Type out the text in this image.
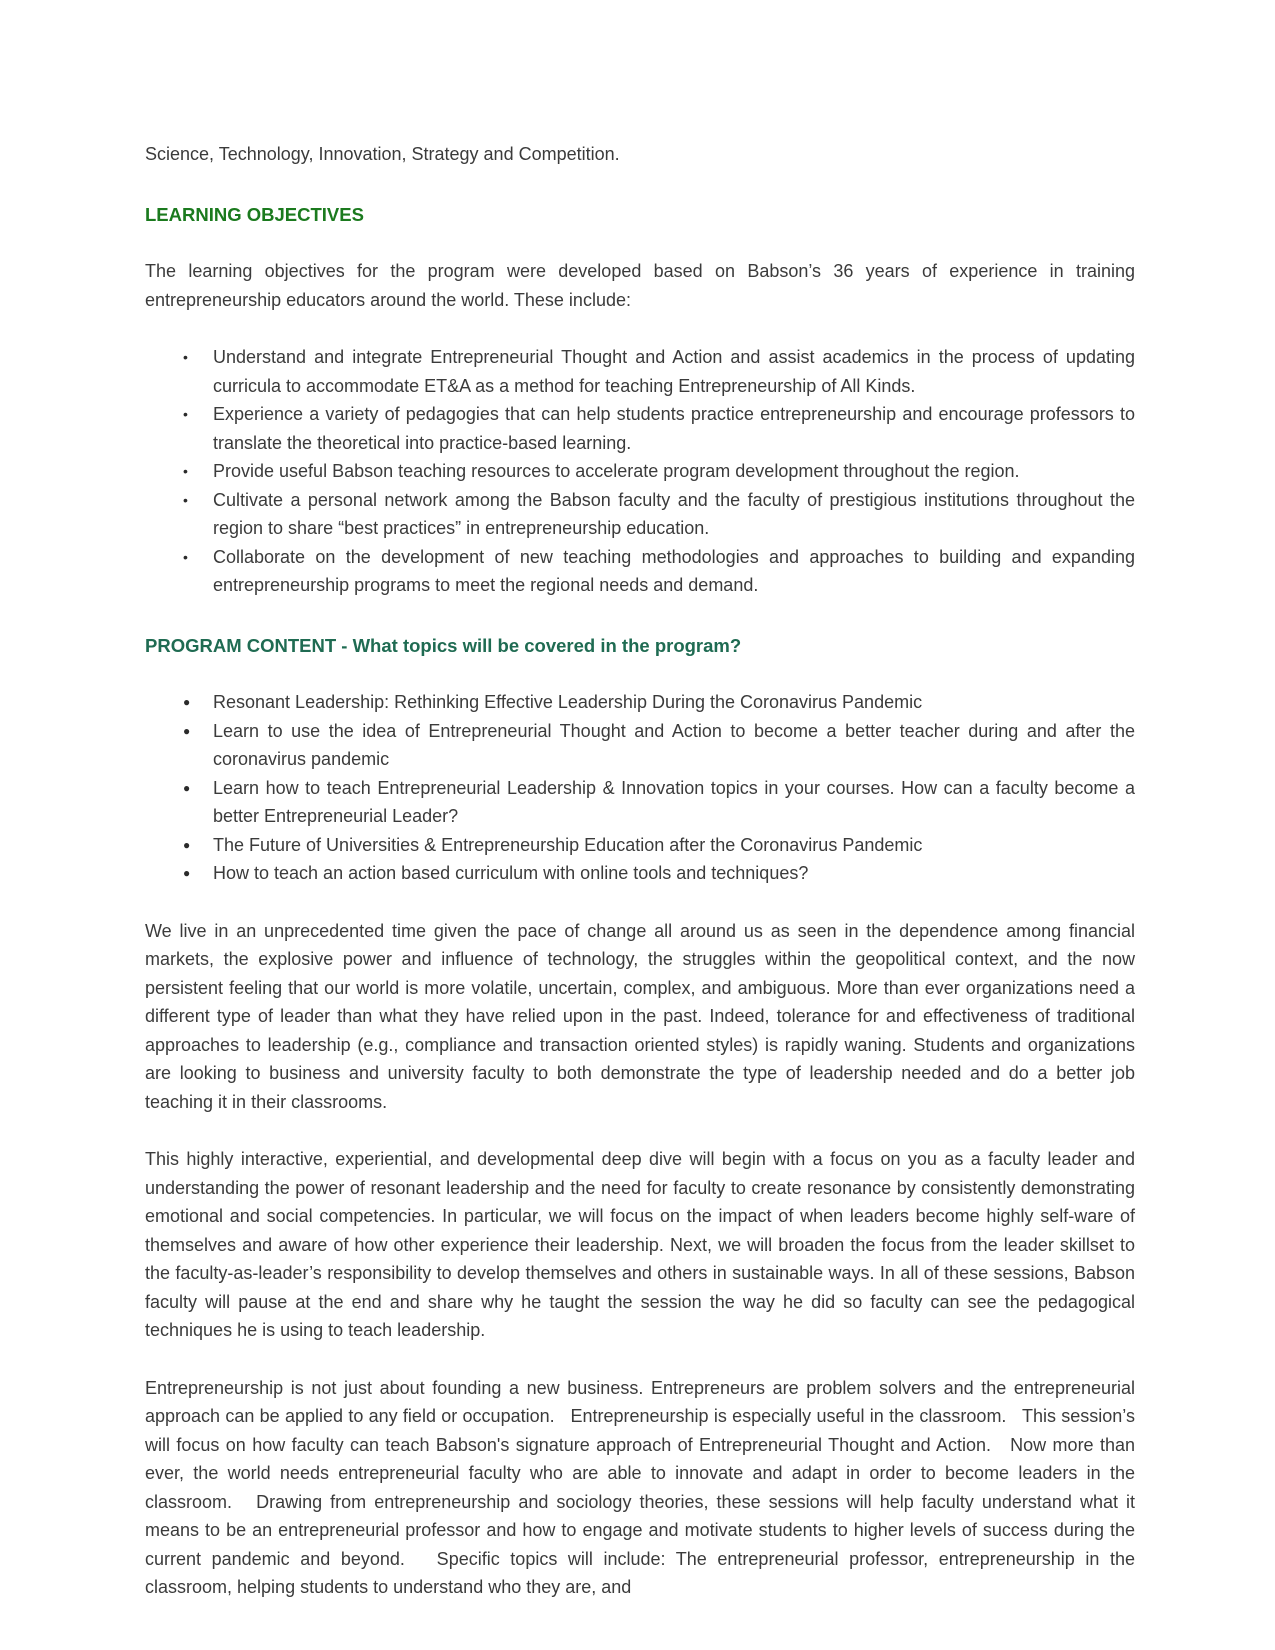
Science, Technology, Innovation, Strategy and Competition.

LEARNING OBJECTIVES

The learning objectives for the program were developed based on Babson’s 36 years of experience in training entrepreneurship educators around the world. These include:

• Understand and integrate Entrepreneurial Thought and Action and assist academics in the process of updating curricula to accommodate ET&A as a method for teaching Entrepreneurship of All Kinds.
• Experience a variety of pedagogies that can help students practice entrepreneurship and encourage professors to translate the theoretical into practice-based learning.
• Provide useful Babson teaching resources to accelerate program development throughout the region.
• Cultivate a personal network among the Babson faculty and the faculty of prestigious institutions throughout the region to share “best practices” in entrepreneurship education.
• Collaborate on the development of new teaching methodologies and approaches to building and expanding entrepreneurship programs to meet the regional needs and demand.
PROGRAM CONTENT - What topics will be covered in the program?
● Resonant Leadership: Rethinking Effective Leadership During the Coronavirus Pandemic
● Learn to use the idea of Entrepreneurial Thought and Action to become a better teacher during and after the coronavirus pandemic
● Learn how to teach Entrepreneurial Leadership & Innovation topics in your courses. How can a faculty become a better Entrepreneurial Leader?
● The Future of Universities & Entrepreneurship Education after the Coronavirus Pandemic
● How to teach an action based curriculum with online tools and techniques?

We live in an unprecedented time given the pace of change all around us as seen in the dependence among financial markets, the explosive power and influence of technology, the struggles within the geopolitical context, and the now persistent feeling that our world is more volatile, uncertain, complex, and ambiguous. More than ever organizations need a different type of leader than what they have relied upon in the past. Indeed, tolerance for and effectiveness of traditional approaches to leadership (e.g., compliance and transaction oriented styles) is rapidly waning. Students and organizations are looking to business and university faculty to both demonstrate the type of leadership needed and do a better job teaching it in their classrooms.

This highly interactive, experiential, and developmental deep dive will begin with a focus on you as a faculty leader and understanding the power of resonant leadership and the need for faculty to create resonance by consistently demonstrating emotional and social competencies. In particular, we will focus on the impact of when leaders become highly self-ware of themselves and aware of how other experience their leadership. Next, we will broaden the focus from the leader skillset to the faculty-as-leader’s responsibility to develop themselves and others in sustainable ways. In all of these sessions, Babson faculty will pause at the end and share why he taught the session the way he did so faculty can see the pedagogical techniques he is using to teach leadership.

Entrepreneurship is not just about founding a new business. Entrepreneurs are problem solvers and the entrepreneurial approach can be applied to any field or occupation.   Entrepreneurship is especially useful in the classroom.   This session’s will focus on how faculty can teach Babson's signature approach of Entrepreneurial Thought and Action.   Now more than ever, the world needs entrepreneurial faculty who are able to innovate and adapt in order to become leaders in the classroom.   Drawing from entrepreneurship and sociology theories, these sessions will help faculty understand what it means to be an entrepreneurial professor and how to engage and motivate students to higher levels of success during the current pandemic and beyond.   Specific topics will include: The entrepreneurial professor, entrepreneurship in the classroom, helping students to understand who they are, and
